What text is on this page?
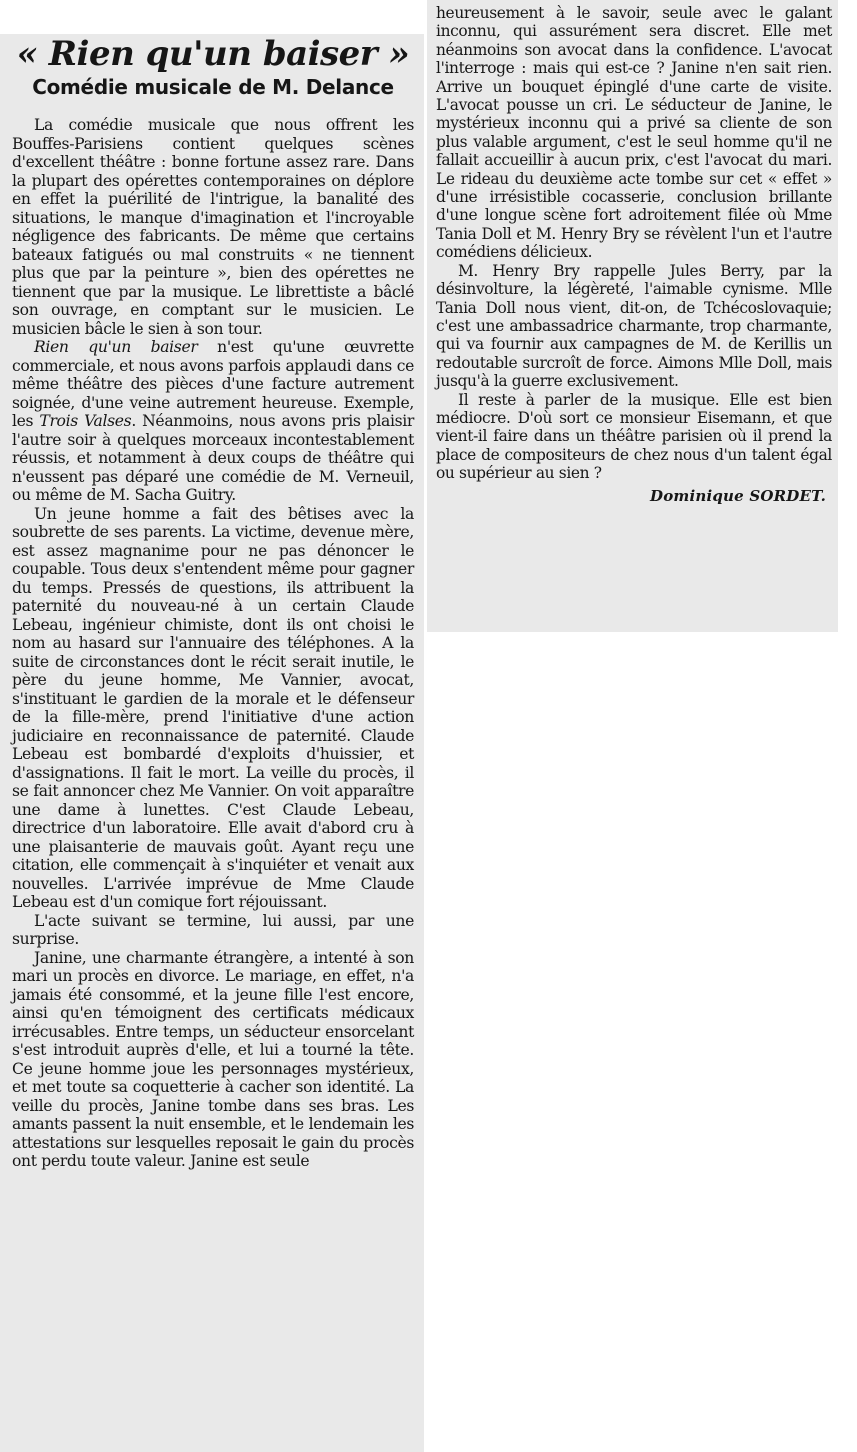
« Rien qu'un baiser »
Comédie musicale de M. Delance

La comédie musicale que nous offrent les Bouffes-Parisiens contient quelques scènes d'excellent théâtre : bonne fortune assez rare. Dans la plupart des opérettes contemporaines on déplore en effet la puérilité de l'intrigue, la banalité des situations, le manque d'imagination et l'incroyable négligence des fabricants. De même que certains bateaux fatigués ou mal construits « ne tiennent plus que par la peinture », bien des opérettes ne tiennent que par la musique. Le librettiste a bâclé son ouvrage, en comptant sur le musicien. Le musicien bâcle le sien à son tour.

Rien qu'un baiser n'est qu'une œuvrette commerciale, et nous avons parfois applaudi dans ce même théâtre des pièces d'une facture autrement soignée, d'une veine autrement heureuse. Exemple, les Trois Valses. Néanmoins, nous avons pris plaisir l'autre soir à quelques morceaux incontestablement réussis, et notamment à deux coups de théâtre qui n'eussent pas déparé une comédie de M. Verneuil, ou même de M. Sacha Guitry.

Un jeune homme a fait des bêtises avec la soubrette de ses parents. La victime, devenue mère, est assez magnanime pour ne pas dénoncer le coupable. Tous deux s'entendent même pour gagner du temps. Pressés de questions, ils attribuent la paternité du nouveau-né à un certain Claude Lebeau, ingénieur chimiste, dont ils ont choisi le nom au hasard sur l'annuaire des téléphones. A la suite de circonstances dont le récit serait inutile, le père du jeune homme, Me Vannier, avocat, s'instituant le gardien de la morale et le défenseur de la fille-mère, prend l'initiative d'une action judiciaire en reconnaissance de paternité. Claude Lebeau est bombardé d'exploits d'huissier, et d'assignations. Il fait le mort. La veille du procès, il se fait annoncer chez Me Vannier. On voit apparaître une dame à lunettes. C'est Claude Lebeau, directrice d'un laboratoire. Elle avait d'abord cru à une plaisanterie de mauvais goût. Ayant reçu une citation, elle commençait à s'inquiéter et venait aux nouvelles. L'arrivée imprévue de Mme Claude Lebeau est d'un comique fort réjouissant.

L'acte suivant se termine, lui aussi, par une surprise.

Janine, une charmante étrangère, a intenté à son mari un procès en divorce. Le mariage, en effet, n'a jamais été consommé, et la jeune fille l'est encore, ainsi qu'en témoignent des certificats médicaux irrécusables. Entre temps, un séducteur ensorcelant s'est introduit auprès d'elle, et lui a tourné la tête. Ce jeune homme joue les personnages mystérieux, et met toute sa coquetterie à cacher son identité. La veille du procès, Janine tombe dans ses bras. Les amants passent la nuit ensemble, et le lendemain les attestations sur lesquelles reposait le gain du procès ont perdu toute valeur. Janine est seule

heureusement à le savoir, seule avec le galant inconnu, qui assurément sera discret. Elle met néanmoins son avocat dans la confidence. L'avocat l'interroge : mais qui est-ce ? Janine n'en sait rien. Arrive un bouquet épinglé d'une carte de visite. L'avocat pousse un cri. Le séducteur de Janine, le mystérieux inconnu qui a privé sa cliente de son plus valable argument, c'est le seul homme qu'il ne fallait accueillir à aucun prix, c'est l'avocat du mari. Le rideau du deuxième acte tombe sur cet « effet » d'une irrésistible cocasserie, conclusion brillante d'une longue scène fort adroitement filée où Mme Tania Doll et M. Henry Bry se révèlent l'un et l'autre comédiens délicieux.

M. Henry Bry rappelle Jules Berry, par la désinvolture, la légèreté, l'aimable cynisme. Mlle Tania Doll nous vient, dit-on, de Tchécoslovaquie; c'est une ambassadrice charmante, trop charmante, qui va fournir aux campagnes de M. de Kerillis un redoutable surcroît de force. Aimons Mlle Doll, mais jusqu'à la guerre exclusivement.

Il reste à parler de la musique. Elle est bien médiocre. D'où sort ce monsieur Eisemann, et que vient-il faire dans un théâtre parisien où il prend la place de compositeurs de chez nous d'un talent égal ou supérieur au sien ?

Dominique SORDET.
